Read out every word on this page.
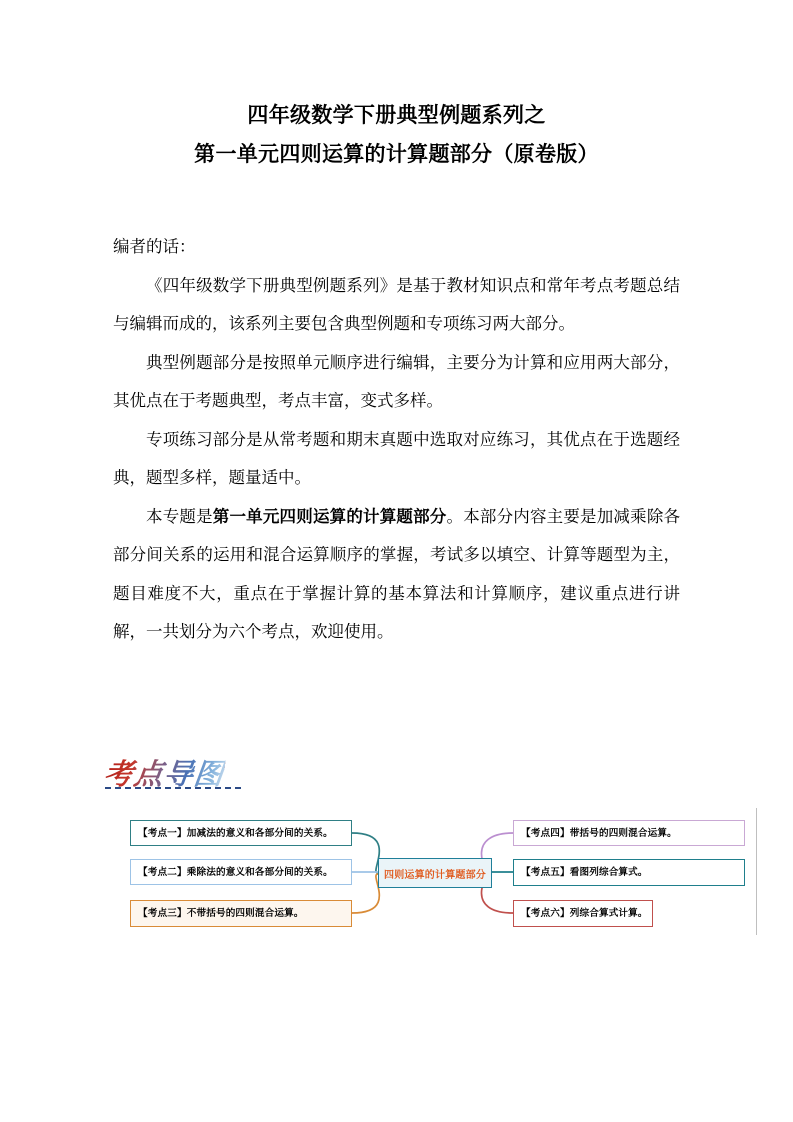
四年级数学下册典型例题系列之
第一单元四则运算的计算题部分（原卷版）

编者的话：

《四年级数学下册典型例题系列》是基于教材知识点和常年考点考题总结与编辑而成的，该系列主要包含典型例题和专项练习两大部分。

典型例题部分是按照单元顺序进行编辑，主要分为计算和应用两大部分，其优点在于考题典型，考点丰富，变式多样。

专项练习部分是从常考题和期末真题中选取对应练习，其优点在于选题经典，题型多样，题量适中。

本专题是第一单元四则运算的计算题部分。本部分内容主要是加减乘除各部分间关系的运用和混合运算顺序的掌握，考试多以填空、计算等题型为主，题目难度不大，重点在于掌握计算的基本算法和计算顺序，建议重点进行讲解，一共划分为六个考点，欢迎使用。

考点导图
【考点一】加减法的意义和各部分间的关系。
【考点二】乘除法的意义和各部分间的关系。
【考点三】不带括号的四则混合运算。
四则运算的计算题部分
【考点四】带括号的四则混合运算。
【考点五】看图列综合算式。
【考点六】列综合算式计算。
